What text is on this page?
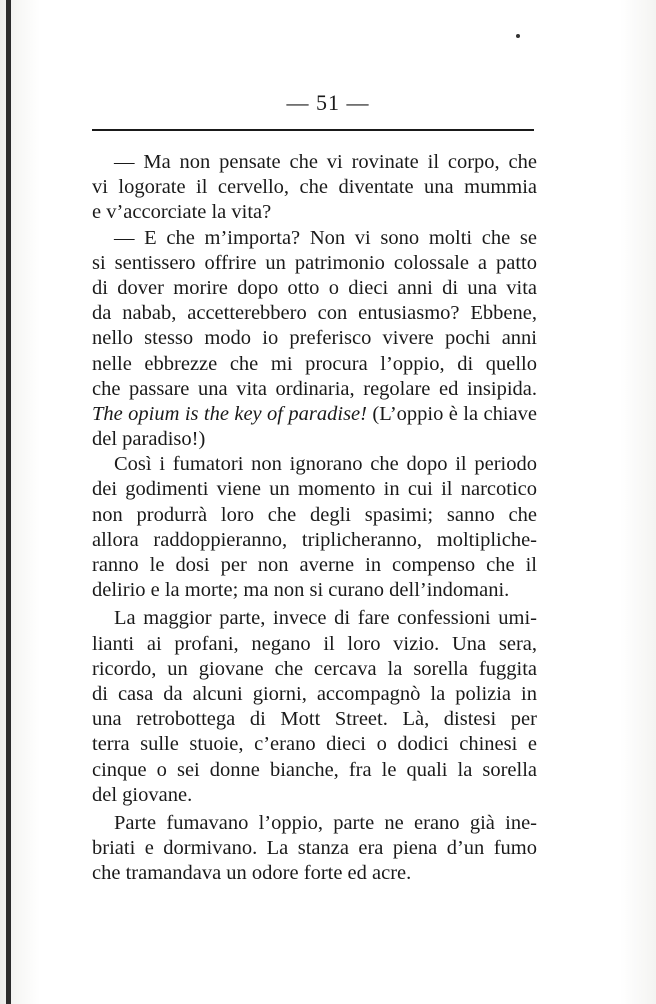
— 51 —
— Ma non pensate che vi rovinate il corpo, che
vi logorate il cervello, che diventate una mummia
e v’accorciate la vita?
— E che m’importa? Non vi sono molti che se
si sentissero offrire un patrimonio colossale a patto
di dover morire dopo otto o dieci anni di una vita
da nabab, accetterebbero con entusiasmo? Ebbene,
nello stesso modo io preferisco vivere pochi anni
nelle ebbrezze che mi procura l’oppio, di quello
che passare una vita ordinaria, regolare ed insipida.
The opium is the key of paradise! (L’oppio è la chiave
del paradiso!)
Così i fumatori non ignorano che dopo il periodo
dei godimenti viene un momento in cui il narcotico
non produrrà loro che degli spasimi; sanno che
allora raddoppieranno, triplicheranno, moltipliche-
ranno le dosi per non averne in compenso che il
delirio e la morte; ma non si curano dell’indomani.
La maggior parte, invece di fare confessioni umi-
lianti ai profani, negano il loro vizio. Una sera,
ricordo, un giovane che cercava la sorella fuggita
di casa da alcuni giorni, accompagnò la polizia in
una retrobottega di Mott Street. Là, distesi per
terra sulle stuoie, c’erano dieci o dodici chinesi e
cinque o sei donne bianche, fra le quali la sorella
del giovane.
Parte fumavano l’oppio, parte ne erano già ine-
briati e dormivano. La stanza era piena d’un fumo
che tramandava un odore forte ed acre.
